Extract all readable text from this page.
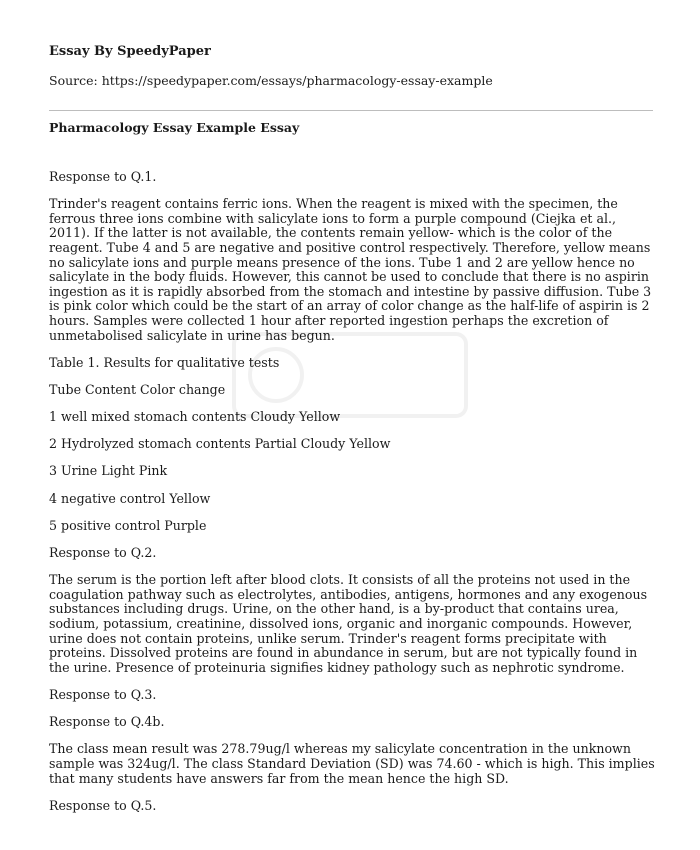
Essay By SpeedyPaper
Source: https://speedypaper.com/essays/pharmacology-essay-example
Pharmacology Essay Example Essay

Response to Q.1.

Trinder's reagent contains ferric ions. When the reagent is mixed with the specimen, the ferrous three ions combine with salicylate ions to form a purple compound (Ciejka et al., 2011). If the latter is not available, the contents remain yellow- which is the color of the reagent. Tube 4 and 5 are negative and positive control respectively. Therefore, yellow means no salicylate ions and purple means presence of the ions. Tube 1 and 2 are yellow hence no salicylate in the body fluids. However, this cannot be used to conclude that there is no aspirin ingestion as it is rapidly absorbed from the stomach and intestine by passive diffusion. Tube 3 is pink color which could be the start of an array of color change as the half-life of aspirin is 2 hours. Samples were collected 1 hour after reported ingestion perhaps the excretion of unmetabolised salicylate in urine has begun.

Table 1. Results for qualitative tests

Tube Content Color change

1 well mixed stomach contents Cloudy Yellow

2 Hydrolyzed stomach contents Partial Cloudy Yellow

3 Urine Light Pink

4 negative control Yellow

5 positive control Purple

Response to Q.2.

The serum is the portion left after blood clots. It consists of all the proteins not used in the coagulation pathway such as electrolytes, antibodies, antigens, hormones and any exogenous substances including drugs. Urine, on the other hand, is a by-product that contains urea, sodium, potassium, creatinine, dissolved ions, organic and inorganic compounds. However, urine does not contain proteins, unlike serum. Trinder's reagent forms precipitate with proteins. Dissolved proteins are found in abundance in serum, but are not typically found in the urine. Presence of proteinuria signifies kidney pathology such as nephrotic syndrome.

Response to Q.3.

Response to Q.4b.

The class mean result was 278.79ug/l whereas my salicylate concentration in the unknown sample was 324ug/l. The class Standard Deviation (SD) was 74.60 - which is high. This implies that many students have answers far from the mean hence the high SD.

Response to Q.5.
